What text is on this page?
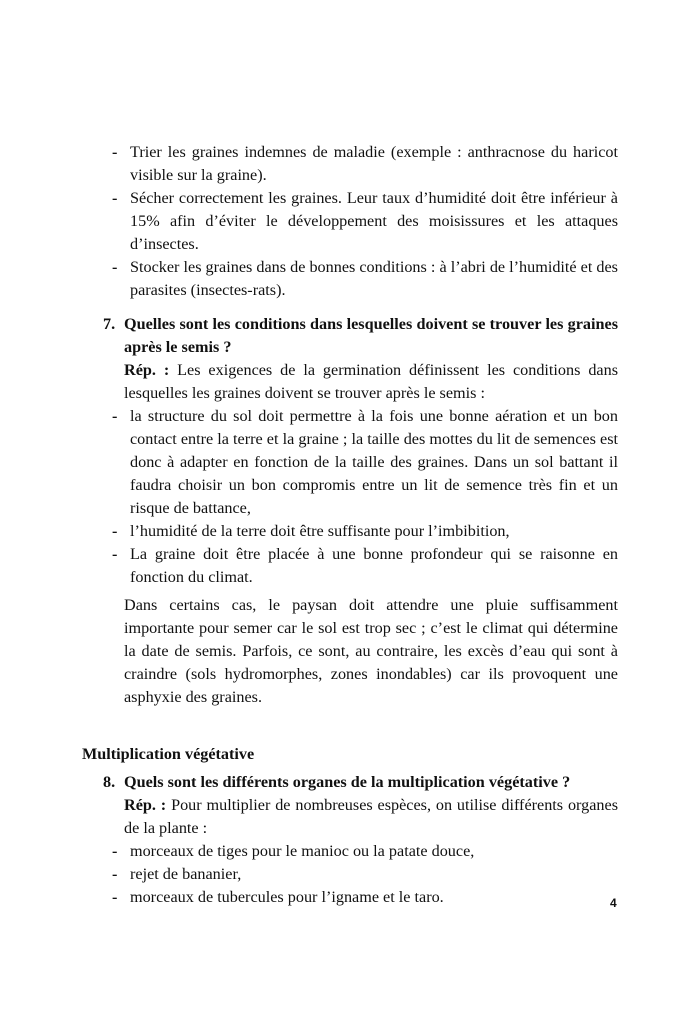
- Trier les graines indemnes de maladie (exemple : anthracnose du haricot visible sur la graine).
- Sécher correctement les graines. Leur taux d’humidité doit être inférieur à 15% afin d’éviter le développement des moisissures et les attaques d’insectes.
- Stocker les graines dans de bonnes conditions : à l’abri de l’humidité et des parasites (insectes-rats).
7. Quelles sont les conditions dans lesquelles doivent se trouver les graines après le semis ?
Rép. : Les exigences de la germination définissent les conditions dans lesquelles les graines doivent se trouver après le semis :
- la structure du sol doit permettre à la fois une bonne aération et un bon contact entre la terre et la graine ; la taille des mottes du lit de semences est donc à adapter en fonction de la taille des graines. Dans un sol battant il faudra choisir un bon compromis entre un lit de semence très fin et un risque de battance,
- l’humidité de la terre doit être suffisante pour l’imbibition,
- La graine doit être placée à une bonne profondeur qui se raisonne en fonction du climat.
Dans certains cas, le paysan doit attendre une pluie suffisamment importante pour semer car le sol est trop sec ; c’est le climat qui détermine la date de semis. Parfois, ce sont, au contraire, les excès d’eau qui sont à craindre (sols hydromorphes, zones inondables) car ils provoquent une asphyxie des graines.
Multiplication végétative
8. Quels sont les différents organes de la multiplication végétative ?
Rép. : Pour multiplier de nombreuses espèces, on utilise différents organes de la plante :
- morceaux de tiges pour le manioc ou la patate douce,
- rejet de bananier,
- morceaux de tubercules pour l’igname et le taro.	4
